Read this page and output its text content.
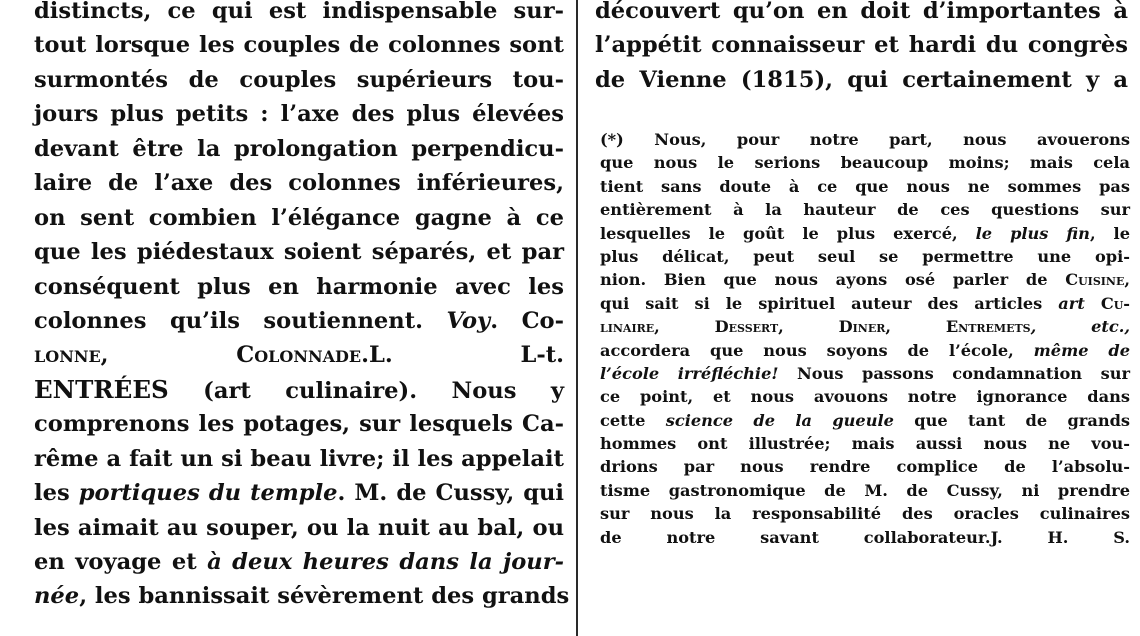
distincts, ce qui est indispensable sur-
tout lorsque les couples de colonnes sont
surmontés de couples supérieurs tou-
jours plus petits : l’axe des plus élevées
devant être la prolongation perpendicu-
laire de l’axe des colonnes inférieures,
on sent combien l’élégance gagne à ce
que les piédestaux soient séparés, et par
conséquent plus en harmonie avec les
colonnes qu’ils soutiennent. Voy. Co-
lonne, Colonnade.L. L-t.
ENTRÉES (art culinaire). Nous y
comprenons les potages, sur lesquels Ca-
rême a fait un si beau livre; il les appelait
les portiques du temple. M. de Cussy, qui
les aimait au souper, ou la nuit au bal, ou
en voyage et à deux heures dans la jour-
née, les bannissait sévèrement des grands
découvert qu’on en doit d’importantes à
l’appétit connaisseur et hardi du congrès
de Vienne (1815), qui certainement y a
(*) Nous, pour notre part, nous avouerons
que nous le serions beaucoup moins; mais cela
tient sans doute à ce que nous ne sommes pas
entièrement à la hauteur de ces questions sur
lesquelles le goût le plus exercé, le plus fin, le
plus délicat, peut seul se permettre une opi-
nion. Bien que nous ayons osé parler de Cuisine,
qui sait si le spirituel auteur des articles art Cu-
linaire, Dessert, Diner, Entremets, etc.,
accordera que nous soyons de l’école, même de
l’école irréfléchie! Nous passons condamnation sur
ce point, et nous avouons notre ignorance dans
cette science de la gueule que tant de grands
hommes ont illustrée; mais aussi nous ne vou-
drions par nous rendre complice de l’absolu-
tisme gastronomique de M. de Cussy, ni prendre
sur nous la responsabilité des oracles culinaires
de notre savant collaborateur.J. H. S.
